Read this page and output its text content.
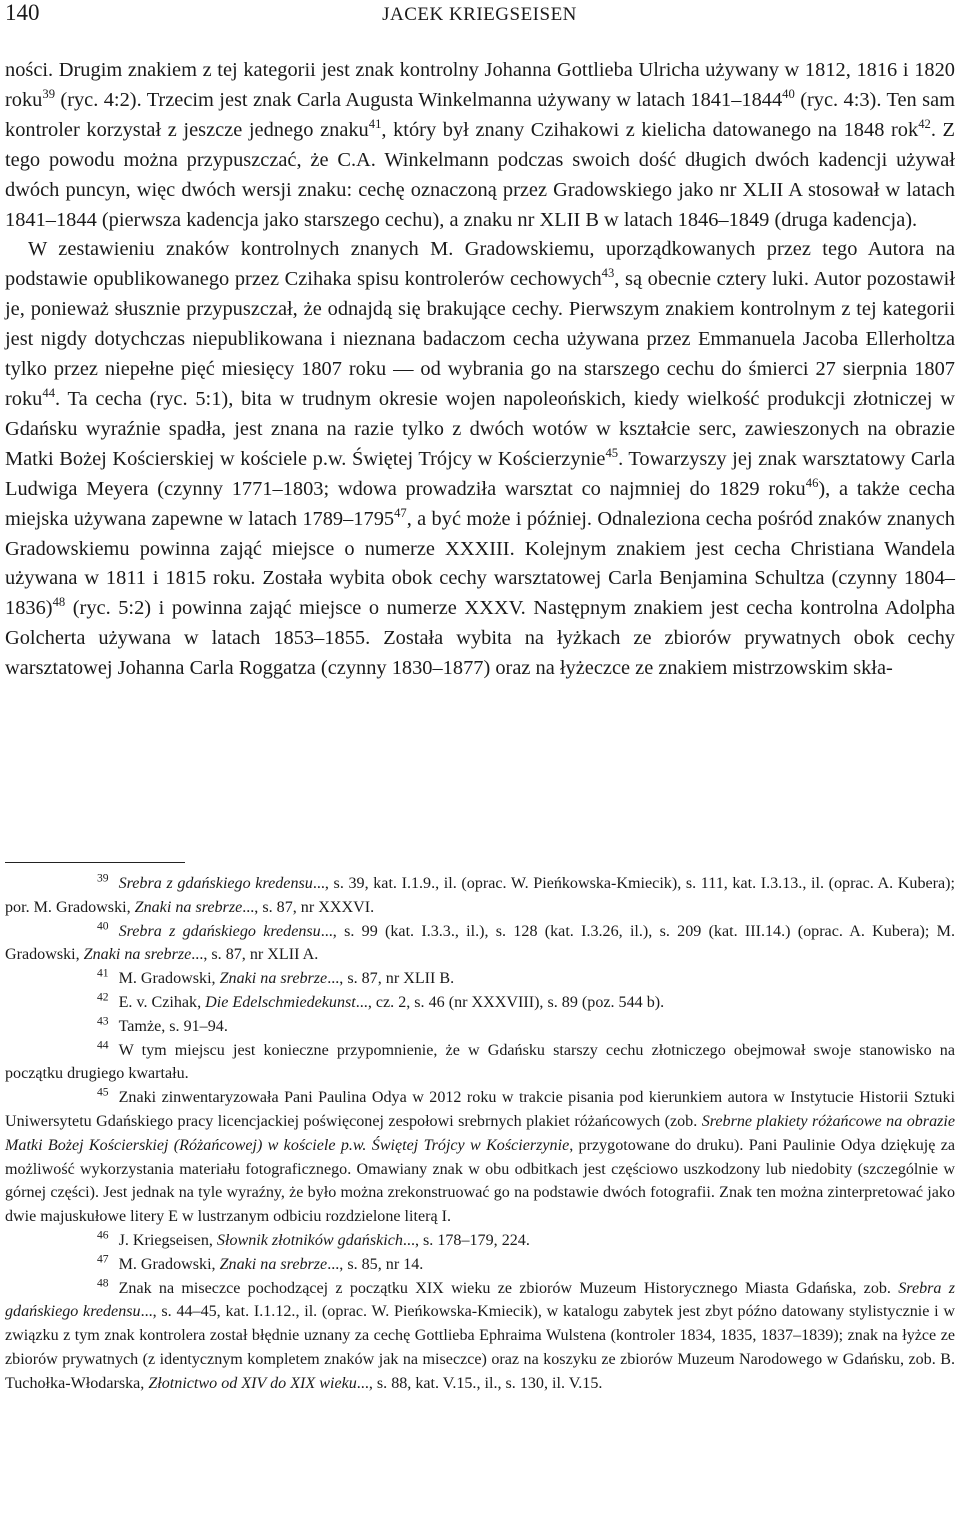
140	JACEK KRIEGSEISEN

ności. Drugim znakiem z tej kategorii jest znak kontrolny Johanna Gottlieba Ulricha używany w 1812, 1816 i 1820 roku$^{39}$ (ryc. 4:2). Trzecim jest znak Carla Augusta Winkelmanna używany w latach 1841–1844$^{40}$ (ryc. 4:3). Ten sam kontroler korzystał z jeszcze jednego znaku$^{41}$, który był znany Czihakowi z kielicha datowanego na 1848 rok$^{42}$. Z tego powodu można przypuszczać, że C.A. Winkelmann podczas swoich dość długich dwóch kadencji używał dwóch puncyn, więc dwóch wersji znaku: cechę oznaczoną przez Gradowskiego jako nr XLII A stosował w latach 1841–1844 (pierwsza kadencja jako starszego cechu), a znaku nr XLII B w latach 1846–1849 (druga kadencja).

W zestawieniu znaków kontrolnych znanych M. Gradowskiemu, uporządkowanych przez tego Autora na podstawie opublikowanego przez Czihaka spisu kontrolerów cechowych$^{43}$, są obecnie cztery luki. Autor pozostawił je, ponieważ słusznie przypuszczał, że odnajdą się brakujące cechy. Pierwszym znakiem kontrolnym z tej kategorii jest nigdy dotychczas niepublikowana i nieznana badaczom cecha używana przez Emmanuela Jacoba Ellerholtza tylko przez niepełne pięć miesięcy 1807 roku — od wybrania go na starszego cechu do śmierci 27 sierpnia 1807 roku$^{44}$. Ta cecha (ryc. 5:1), bita w trudnym okresie wojen napoleońskich, kiedy wielkość produkcji złotniczej w Gdańsku wyraźnie spadła, jest znana na razie tylko z dwóch wotów w kształcie serc, zawieszonych na obrazie Matki Bożej Kościerskiej w kościele p.w. Świętej Trójcy w Kościerzynie$^{45}$. Towarzyszy jej znak warsztatowy Carla Ludwiga Meyera (czynny 1771–1803; wdowa prowadziła warsztat co najmniej do 1829 roku$^{46}$), a także cecha miejska używana zapewne w latach 1789–1795$^{47}$, a być może i później. Odnaleziona cecha pośród znaków znanych Gradowskiemu powinna zająć miejsce o numerze XXXIII. Kolejnym znakiem jest cecha Christiana Wandela używana w 1811 i 1815 roku. Została wybita obok cechy warsztatowej Carla Benjamina Schultza (czynny 1804–1836)$^{48}$ (ryc. 5:2) i powinna zająć miejsce o numerze XXXV. Następnym znakiem jest cecha kontrolna Adolpha Golcherta używana w latach 1853–1855. Została wybita na łyżkach ze zbiorów prywatnych obok cechy warsztatowej Johanna Carla Roggatza (czynny 1830–1877) oraz na łyżeczce ze znakiem mistrzowskim skła-

$^{39}$ Srebra z gdańskiego kredensu..., s. 39, kat. I.1.9., il. (oprac. W. Pieńkowska-Kmiecik), s. 111, kat. I.3.13., il. (oprac. A. Kubera); por. M. Gradowski, Znaki na srebrze..., s. 87, nr XXXVI.

$^{40}$ Srebra z gdańskiego kredensu..., s. 99 (kat. I.3.3., il.), s. 128 (kat. I.3.26, il.), s. 209 (kat. III.14.) (oprac. A. Kubera); M. Gradowski, Znaki na srebrze..., s. 87, nr XLII A.

$^{41}$ M. Gradowski, Znaki na srebrze..., s. 87, nr XLII B.

$^{42}$ E. v. Czihak, Die Edelschmiedekunst..., cz. 2, s. 46 (nr XXXVIII), s. 89 (poz. 544 b).

$^{43}$ Tamże, s. 91–94.

$^{44}$ W tym miejscu jest konieczne przypomnienie, że w Gdańsku starszy cechu złotniczego obejmował swoje stanowisko na początku drugiego kwartału.

$^{45}$ Znaki zinwentaryzowała Pani Paulina Odya w 2012 roku w trakcie pisania pod kierunkiem autora w Instytucie Historii Sztuki Uniwersytetu Gdańskiego pracy licencjackiej poświęconej zespołowi srebrnych plakiet różańcowych (zob. Srebrne plakiety różańcowe na obrazie Matki Bożej Kościerskiej (Różańcowej) w kościele p.w. Świętej Trójcy w Kościerzynie, przygotowane do druku). Pani Paulinie Odya dziękuję za możliwość wykorzystania materiału fotograficznego. Omawiany znak w obu odbitkach jest częściowo uszkodzony lub niedobity (szczególnie w górnej części). Jest jednak na tyle wyraźny, że było można zrekonstruować go na podstawie dwóch fotografii. Znak ten można zinterpretować jako dwie majuskułowe litery E w lustrzanym odbiciu rozdzielone literą I.

$^{46}$ J. Kriegseisen, Słownik złotników gdańskich..., s. 178–179, 224.

$^{47}$ M. Gradowski, Znaki na srebrze..., s. 85, nr 14.

$^{48}$ Znak na miseczce pochodzącej z początku XIX wieku ze zbiorów Muzeum Historycznego Miasta Gdańska, zob. Srebra z gdańskiego kredensu..., s. 44–45, kat. I.1.12., il. (oprac. W. Pieńkowska-Kmiecik), w katalogu zabytek jest zbyt późno datowany stylistycznie i w związku z tym znak kontrolera został błędnie uznany za cechę Gottlieba Ephraima Wulstena (kontroler 1834, 1835, 1837–1839); znak na łyżce ze zbiorów prywatnych (z identycznym kompletem znaków jak na miseczce) oraz na koszyku ze zbiorów Muzeum Narodowego w Gdańsku, zob. B. Tuchołka-Włodarska, Złotnictwo od XIV do XIX wieku..., s. 88, kat. V.15., il., s. 130, il. V.15.
